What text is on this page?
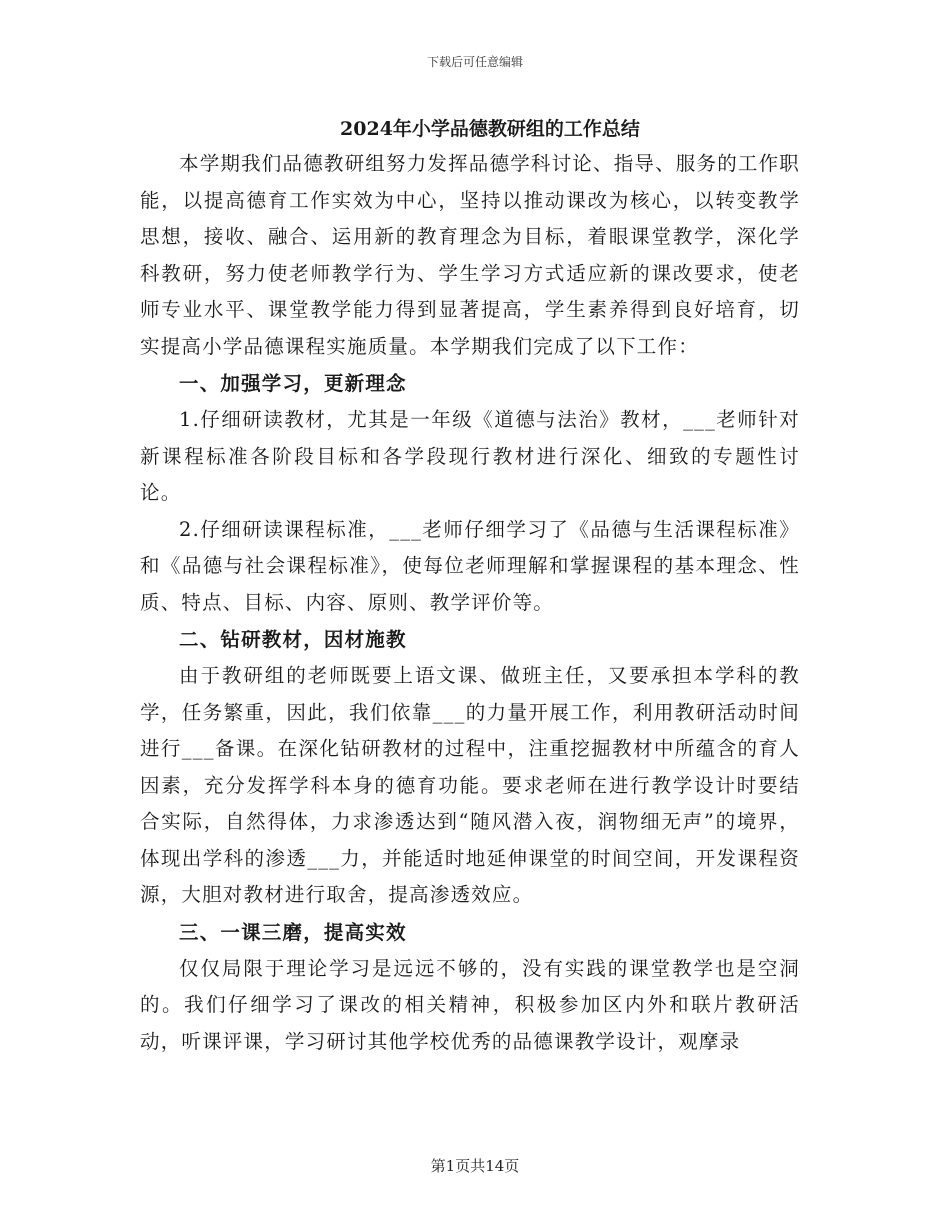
下载后可任意编辑
2024年小学品德教研组的工作总结

本学期我们品德教研组努力发挥品德学科讨论、指导、服务的工作职能，以提高德育工作实效为中心，坚持以推动课改为核心，以转变教学思想，接收、融合、运用新的教育理念为目标，着眼课堂教学，深化学科教研，努力使老师教学行为、学生学习方式适应新的课改要求，使老师专业水平、课堂教学能力得到显著提高，学生素养得到良好培育，切实提高小学品德课程实施质量。本学期我们完成了以下工作：

一、加强学习，更新理念

1.仔细研读教材，尤其是一年级《道德与法治》教材，___老师针对新课程标准各阶段目标和各学段现行教材进行深化、细致的专题性讨论。

2.仔细研读课程标准，___老师仔细学习了《品德与生活课程标准》和《品德与社会课程标准》，使每位老师理解和掌握课程的基本理念、性质、特点、目标、内容、原则、教学评价等。

二、钻研教材，因材施教

由于教研组的老师既要上语文课、做班主任，又要承担本学科的教学，任务繁重，因此，我们依靠___的力量开展工作，利用教研活动时间进行___备课。在深化钻研教材的过程中，注重挖掘教材中所蕴含的育人因素，充分发挥学科本身的德育功能。要求老师在进行教学设计时要结合实际，自然得体，力求渗透达到“随风潜入夜，润物细无声”的境界，体现出学科的渗透___力，并能适时地延伸课堂的时间空间，开发课程资源，大胆对教材进行取舍，提高渗透效应。

三、一课三磨，提高实效

仅仅局限于理论学习是远远不够的，没有实践的课堂教学也是空洞的。我们仔细学习了课改的相关精神，积极参加区内外和联片教研活动，听课评课，学习研讨其他学校优秀的品德课教学设计，观摩录

第1页共14页
